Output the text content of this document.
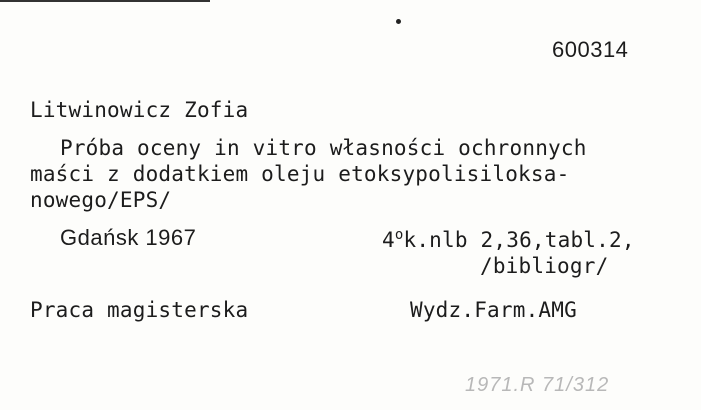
600314
Litwinowicz Zofia
Próba oceny in vitro własności ochronnych
maści z dodatkiem oleju etoksypolisiloksa-
nowego/EPS/
Gdańsk 1967	4$^o$k.nlb 2,36,tabl.2,
/bibliogr/
Praca magisterska	Wydz.Farm.AMG
1971.R 71/312
